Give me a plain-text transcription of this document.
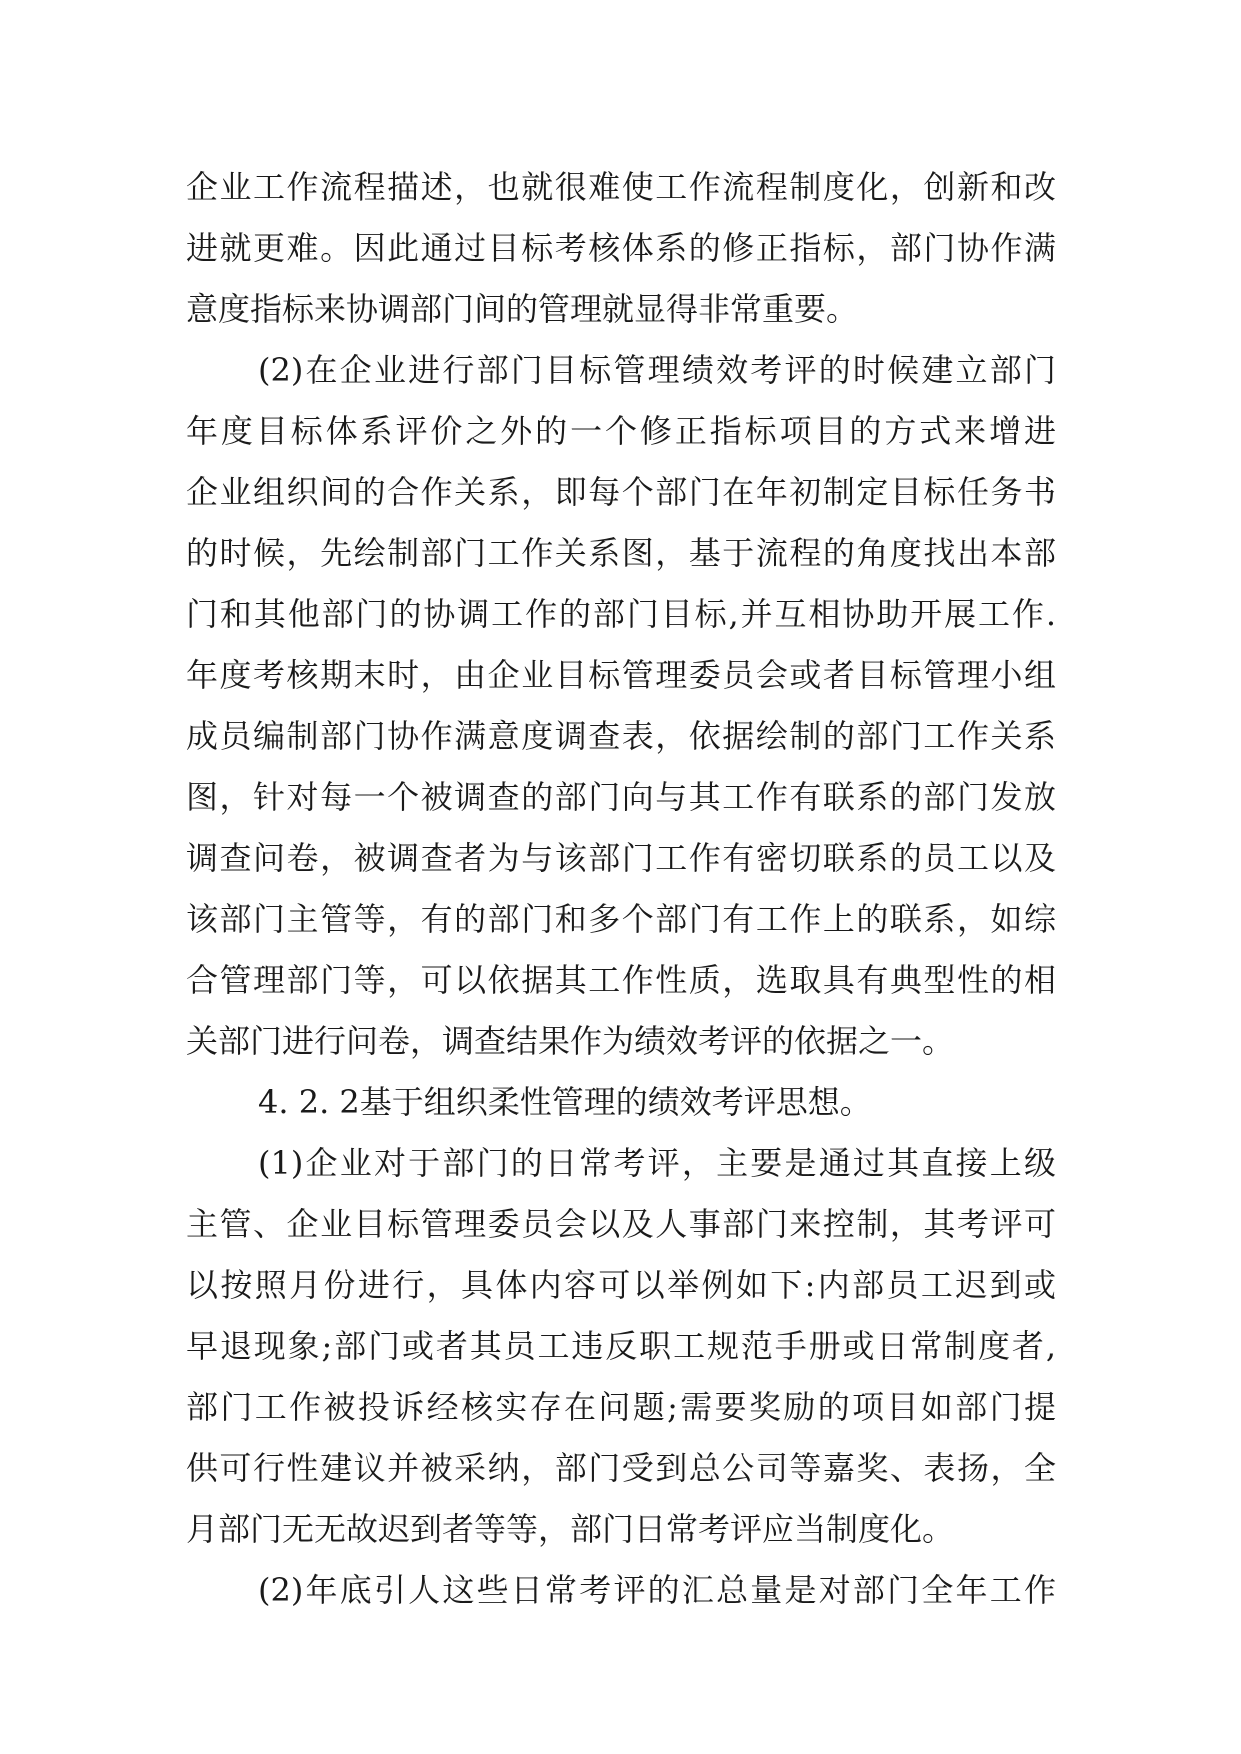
企业工作流程描述，也就很难使工作流程制度化，创新和改
进就更难。因此通过目标考核体系的修正指标，部门协作满
意度指标来协调部门间的管理就显得非常重要。
(2)在企业进行部门目标管理绩效考评的时候建立部门
年度目标体系评价之外的一个修正指标项目的方式来增进
企业组织间的合作关系，即每个部门在年初制定目标任务书
的时候，先绘制部门工作关系图，基于流程的角度找出本部
门和其他部门的协调工作的部门目标,并互相协助开展工作.
年度考核期末时，由企业目标管理委员会或者目标管理小组
成员编制部门协作满意度调查表，依据绘制的部门工作关系
图，针对每一个被调查的部门向与其工作有联系的部门发放
调查问卷，被调查者为与该部门工作有密切联系的员工以及
该部门主管等，有的部门和多个部门有工作上的联系，如综
合管理部门等，可以依据其工作性质，选取具有典型性的相
关部门进行问卷，调查结果作为绩效考评的依据之一。
4. 2. 2基于组织柔性管理的绩效考评思想。
(1)企业对于部门的日常考评，主要是通过其直接上级
主管、企业目标管理委员会以及人事部门来控制，其考评可
以按照月份进行，具体内容可以举例如下:内部员工迟到或
早退现象;部门或者其员工违反职工规范手册或日常制度者,
部门工作被投诉经核实存在问题;需要奖励的项目如部门提
供可行性建议并被采纳，部门受到总公司等嘉奖、表扬，全
月部门无无故迟到者等等，部门日常考评应当制度化。
(2)年底引人这些日常考评的汇总量是对部门全年工作
